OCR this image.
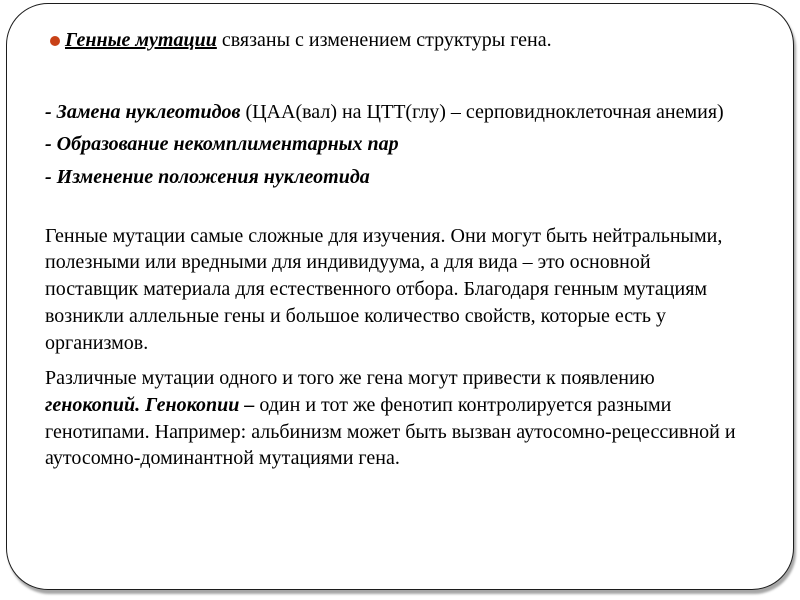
Генные мутации связаны с изменением структуры гена.

- Замена нуклеотидов (ЦАА(вал) на ЦТТ(глу) – серповидноклеточная анемия)

- Образование некомплиментарных пар

- Изменение положения нуклеотида

Генные мутации самые сложные для изучения. Они могут быть нейтральными, полезными или вредными для индивидуума, а для вида – это основной поставщик материала для естественного отбора. Благодаря генным мутациям возникли аллельные гены и большое количество свойств, которые есть у организмов.

Различные мутации одного и того же гена могут привести к появлению генокопий. Генокопии – один и тот же фенотип контролируется разными генотипами. Например: альбинизм может быть вызван аутосомно-рецессивной и аутосомно-доминантной мутациями гена.
